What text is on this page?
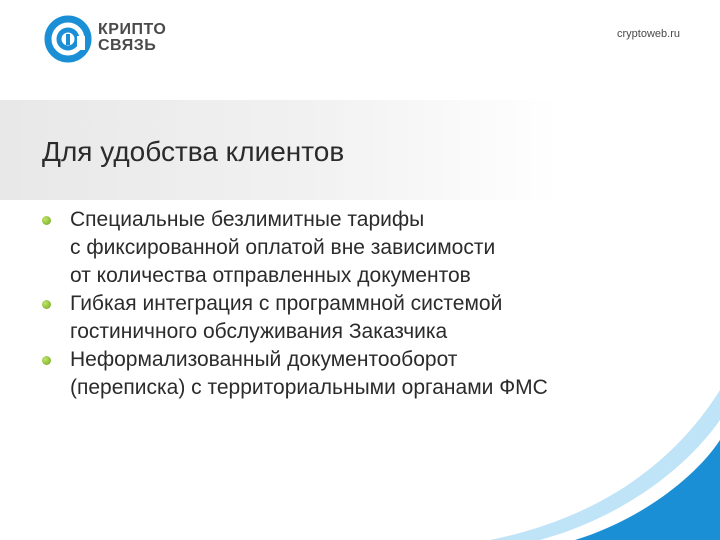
КРИПТО
СВЯЗЬ
cryptoweb.ru
Для удобства клиентов
Специальные безлимитные тарифы
с фиксированной оплатой вне зависимости
от количества отправленных документов
Гибкая интеграция с программной системой
гостиничного обслуживания Заказчика
Неформализованный документооборот
(переписка) с территориальными органами ФМС
